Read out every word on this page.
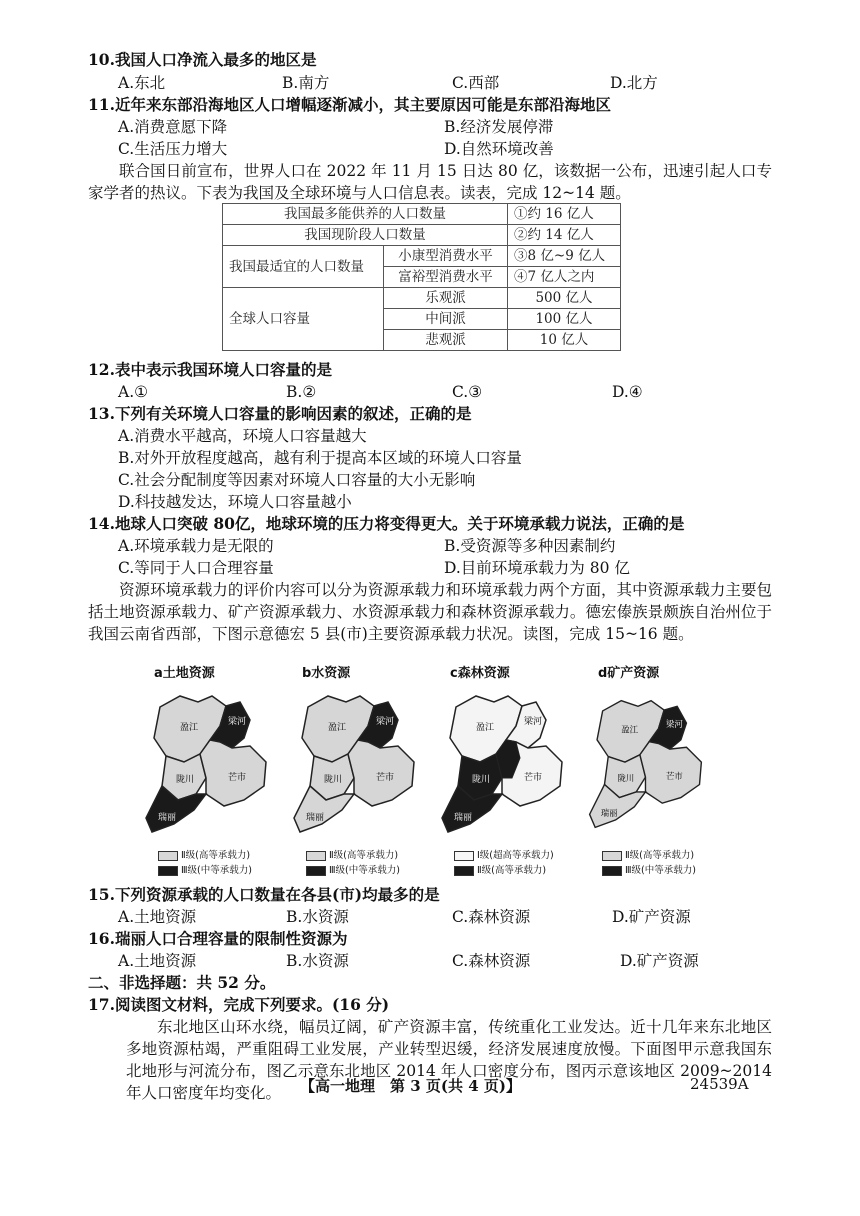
10.我国人口净流入最多的地区是
A.东北	B.南方	C.西部	D.北方
11.近年来东部沿海地区人口增幅逐渐减小，其主要原因可能是东部沿海地区
A.消费意愿下降	B.经济发展停滞
C.生活压力增大	D.自然环境改善
联合国日前宣布，世界人口在 2022 年 11 月 15 日达 80 亿，该数据一公布，迅速引起人口专家学者的热议。下表为我国及全球环境与人口信息表。读表，完成 12~14 题。
我国最多能供养的人口数量		①约 16 亿人
我国现阶段人口数量		②约 14 亿人
我国最适宜的人口数量	小康型消费水平	③8 亿~9 亿人
	富裕型消费水平	④7 亿人之内
全球人口容量	乐观派	500 亿人
	中间派	100 亿人
	悲观派	10 亿人
12.表中表示我国环境人口容量的是
A.①	B.②	C.③	D.④
13.下列有关环境人口容量的影响因素的叙述，正确的是
A.消费水平越高，环境人口容量越大
B.对外开放程度越高，越有利于提高本区域的环境人口容量
C.社会分配制度等因素对环境人口容量的大小无影响
D.科技越发达，环境人口容量越小
14.地球人口突破 80亿，地球环境的压力将变得更大。关于环境承载力说法，正确的是
A.环境承载力是无限的	B.受资源等多种因素制约
C.等同于人口合理容量	D.目前环境承载力为 80 亿
资源环境承载力的评价内容可以分为资源承载力和环境承载力两个方面，其中资源承载力主要包括土地资源承载力、矿产资源承载力、水资源承载力和森林资源承载力。德宏傣族景颇族自治州位于我国云南省西部，下图示意德宏 5 县(市)主要资源承载力状况。读图，完成 15~16 题。
a土地资源
盈江
梁河
陇川	芒市
瑞丽
Ⅱ级(高等承载力)
Ⅲ级(中等承载力)
b水资源
盈江
梁河
陇川	芒市
瑞丽
Ⅱ级(高等承载力)
Ⅲ级(中等承载力)
c森林资源
盈江
梁河
陇川	芒市
瑞丽
Ⅰ级(超高等承载力)
Ⅱ级(高等承载力)
d矿产资源
盈江
梁河
陇川	芒市
瑞丽
Ⅱ级(高等承载力)
Ⅲ级(中等承载力)
15.下列资源承载的人口数量在各县(市)均最多的是
A.土地资源	B.水资源	C.森林资源	D.矿产资源
16.瑞丽人口合理容量的限制性资源为
A.土地资源	B.水资源	C.森林资源	D.矿产资源
二、非选择题：共 52 分。
17.阅读图文材料，完成下列要求。(16 分)
东北地区山环水绕，幅员辽阔，矿产资源丰富，传统重化工业发达。近十几年来东北地区多地资源枯竭，严重阻碍工业发展，产业转型迟缓，经济发展速度放慢。下面图甲示意我国东北地形与河流分布，图乙示意东北地区 2014 年人口密度分布，图丙示意该地区 2009~2014 年人口密度年均变化。	【高一地理　第 3 页(共 4 页)】	24539A
